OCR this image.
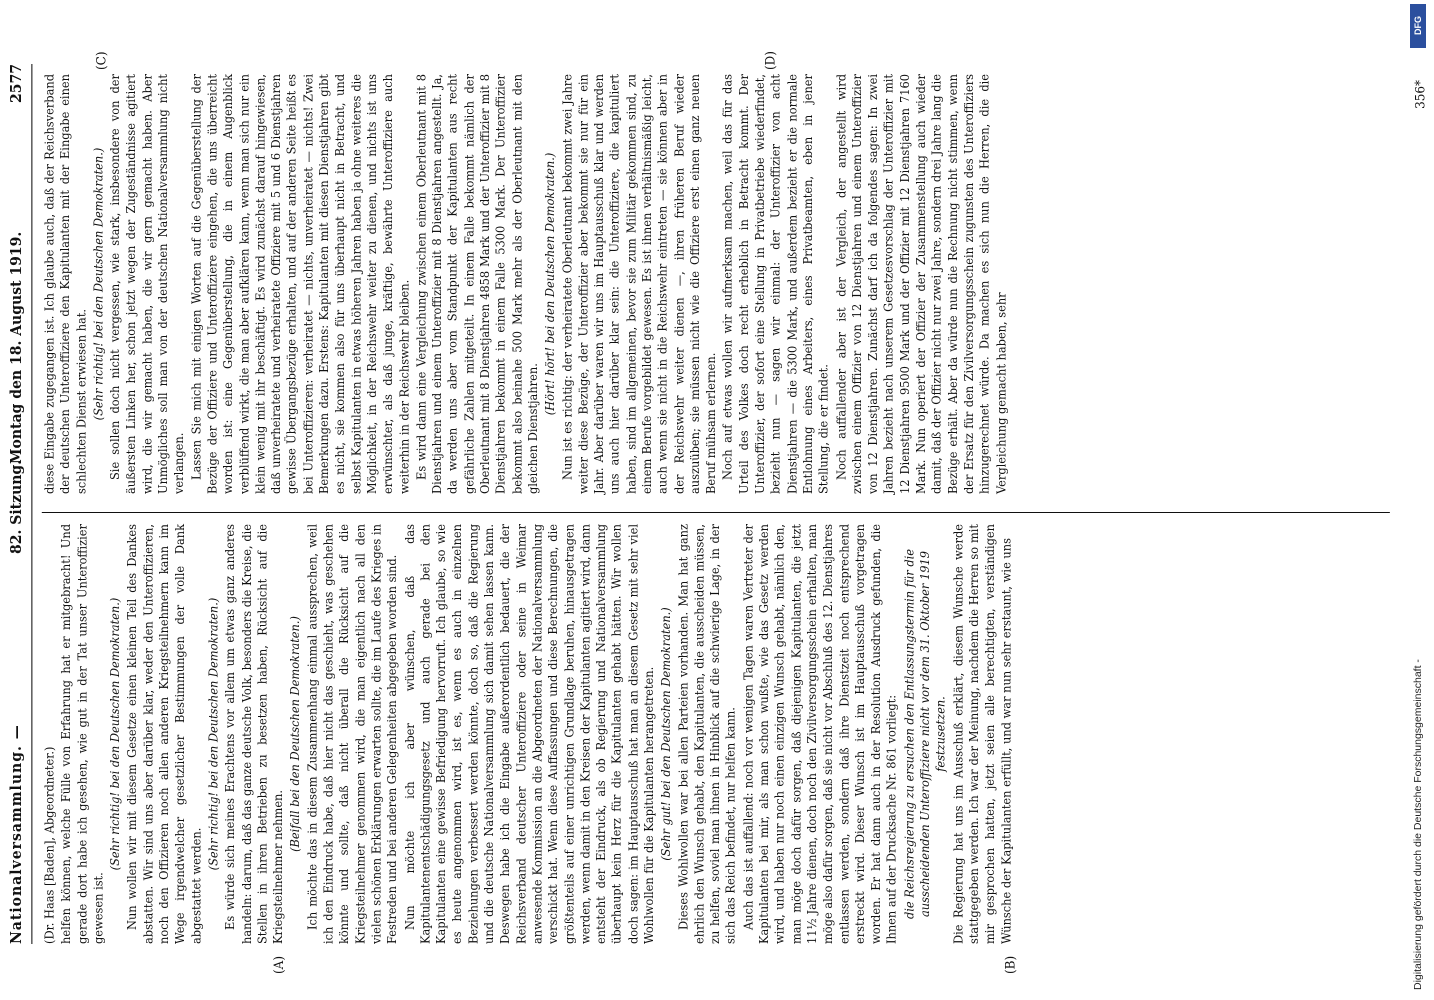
Nationalversammlung. —
82. Sitzung.
Montag den 18. August 1919.
2577
(A)	(B)
(C)	(D)

(Dr. Haas [Baden], Abgeordneter.) helfen können, welche Fülle von Erfahrung hat er mitgebracht! Und gerade dort habe ich gesehen, wie gut in der Tat unser Unteroffizier gewesen ist.

(Sehr richtig! bei den Deutschen Demokraten.) Nun wollen wir mit diesem Gesetze einen kleinen Teil des Dankes abstatten. Wir sind uns aber darüber klar, weder den Unteroffizieren, noch den Offizieren noch allen anderen Kriegsteilnehmern kann im Wege irgendwelcher gesetzlicher Bestimmungen der volle Dank abgestattet werden.

(Sehr richtig! bei den Deutschen Demokraten.) Es würde sich meines Erachtens vor allem um etwas ganz anderes handeln: darum, daß das ganze deutsche Volk, besonders die Kreise, die Stellen in ihren Betrieben zu besetzen haben, Rücksicht auf die Kriegsteilnehmer nehmen.

(Beifall bei den Deutschen Demokraten.) Ich möchte das in diesem Zusammenhang einmal aussprechen, weil ich den Eindruck habe, daß hier nicht das geschieht, was geschehen könnte und sollte, daß nicht überall die Rücksicht auf die Kriegsteilnehmer genommen wird, die man eigentlich nach all den vielen schönen Erklärungen erwarten sollte, die im Laufe des Krieges in Festreden und bei anderen Gelegenheiten abgegeben worden sind. Nun möchte ich aber wünschen, daß das Kapitulantenentschädigungsgesetz und auch gerade bei den Kapitulanten eine gewisse Befriedigung hervorruft. Ich glaube, so wie es heute angenommen wird, ist es, wenn es auch in einzelnen Beziehungen verbessert werden könnte, doch so, daß die Regierung und die deutsche Nationalversammlung sich damit sehen lassen kann. Deswegen habe ich die Eingabe außerordentlich bedauert, die der Reichsverband deutscher Unteroffiziere oder seine in Weimar anwesende Kommission an die Abgeordneten der Nationalversammlung verschickt hat. Wenn diese Auffassungen und diese Berechnungen, die größtenteils auf einer unrichtigen Grundlage beruhen, hinausgetragen werden, wenn damit in den Kreisen der Kapitulanten agitiert wird, dann entsteht der Eindruck, als ob Regierung und Nationalversammlung überhaupt kein Herz für die Kapitulanten gehabt hätten. Wir wollen doch sagen: im Hauptausschuß hat man an diesem Gesetz mit sehr viel Wohlwollen für die Kapitulanten herangetreten. (Sehr gut! bei den Deutschen Demokraten.) Dieses Wohlwollen war bei allen Parteien vorhanden. Man hat ganz ehrlich den Wunsch gehabt, den Kapitulanten, die ausscheiden müssen, zu helfen, soviel man ihnen in Hinblick auf die schwierige Lage, in der sich das Reich befindet, nur helfen kann. Auch das ist auffallend: noch vor wenigen Tagen waren Vertreter der Kapitulanten bei mir, als man schon wußte, wie das Gesetz werden wird, und haben nur noch einen einzigen Wunsch gehabt, nämlich den, man möge doch dafür sorgen, daß diejenigen Kapitulanten, die jetzt 11½ Jahre dienen, doch noch den Zivilversorgungsschein erhalten, man möge also dafür sorgen, daß sie nicht vor Abschluß des 12. Dienstjahres entlassen werden, sondern daß ihre Dienstzeit noch entsprechend erstreckt wird. Dieser Wunsch ist im Hauptausschuß vorgetragen worden. Er hat dann auch in der Resolution Ausdruck gefunden, die Ihnen auf der Drucksache Nr. 861 vorliegt: die Reichsregierung zu ersuchen den Entlassungstermin für die ausscheidenden Unteroffiziere nicht vor dem 31. Oktober 1919 festzusetzen. Die Regierung hat uns im Ausschuß erklärt, diesem Wunsche werde stattgegeben werden. Ich war der Meinung, nachdem die Herren so mit mir gesprochen hatten, jetzt seien alle berechtigten, verständigen Wünsche der Kapitulanten erfüllt, und war nun sehr erstaunt, wie uns

diese Eingabe zugegangen ist. Ich glaube auch, daß der Reichsverband der deutschen Unteroffiziere den Kapitulanten mit der Eingabe einen schlechten Dienst erwiesen hat. (Sehr richtig! bei den Deutschen Demokraten.) Sie sollen doch nicht vergessen, wie stark, insbesondere von der äußersten Linken her, schon jetzt wegen der Zugeständnisse agitiert wird, die wir gemacht haben, die wir gern gemacht haben. Aber Unmögliches soll man von der deutschen Nationalversammlung nicht verlangen. Lassen Sie mich mit einigen Worten auf die Gegenüberstellung der Bezüge der Offiziere und Unteroffiziere eingehen, die uns überreicht worden ist: eine Gegenüberstellung, die in einem Augenblick verblüffend wirkt, die man aber aufklären kann, wenn man sich nur ein klein wenig mit ihr beschäftigt. Es wird zunächst darauf hingewiesen, daß unverheiratete und verheiratete Offiziere mit 5 und 6 Dienstjahren gewisse Übergangsbezüge erhalten, und auf der anderen Seite heißt es bei Unteroffizieren: verheiratet — nichts, unverheiratet — nichts! Zwei Bemerkungen dazu. Erstens: Kapitulanten mit diesen Dienstjahren gibt es nicht, sie kommen also für uns überhaupt nicht in Betracht, und selbst Kapitulanten in etwas höheren Jahren haben ja ohne weiteres die Möglichkeit, in der Reichswehr weiter zu dienen, und nichts ist uns erwünschter, als daß junge, kräftige, bewährte Unteroffiziere auch weiterhin in der Reichswehr bleiben. Es wird dann eine Vergleichung zwischen einem Oberleutnant mit 8 Dienstjahren und einem Unteroffizier mit 8 Dienstjahren angestellt. Ja, da werden uns aber vom Standpunkt der Kapitulanten aus recht gefährliche Zahlen mitgeteilt. In einem Falle bekommt nämlich der Oberleutnant mit 8 Dienstjahren 4858 Mark und der Unteroffizier mit 8 Dienstjahren bekommt in einem Falle 5300 Mark. Der Unteroffizier bekommt also beinahe 500 Mark mehr als der Oberleutnant mit den gleichen Dienstjahren.

(Hört! hört! bei den Deutschen Demokraten.) Nun ist es richtig: der verheiratete Oberleutnant bekommt zwei Jahre weiter diese Bezüge, der Unteroffizier aber bekommt sie nur für ein Jahr. Aber darüber waren wir uns im Hauptausschuß klar und werden uns auch hier darüber klar sein: die Unteroffiziere, die kapituliert haben, sind im allgemeinen, bevor sie zum Militär gekommen sind, zu einem Berufe vorgebildet gewesen. Es ist ihnen verhältnismäßig leicht, auch wenn sie nicht in die Reichswehr eintreten — sie können aber in der Reichswehr weiter dienen —, ihren früheren Beruf wieder auszuüben; sie müssen nicht wie die Offiziere erst einen ganz neuen Beruf mühsam erlernen. Noch auf etwas wollen wir aufmerksam machen, weil das für das Urteil des Volkes doch recht erheblich in Betracht kommt. Der Unteroffizier, der sofort eine Stellung in Privatbetriebe wiederfindet, bezieht nun — sagen wir einmal: der Unteroffizier von acht Dienstjahren — die 5300 Mark, und außerdem bezieht er die normale Entlohnung eines Arbeiters, eines Privatbeamten, eben in jener Stellung, die er findet. Noch auffallender aber ist der Vergleich, der angestellt wird zwischen einem Offizier von 12 Dienstjahren und einem Unteroffizier von 12 Dienstjahren. Zunächst darf ich da folgendes sagen: In zwei Jahren bezieht nach unserem Gesetzesvorschlag der Unteroffizier mit 12 Dienstjahren 9500 Mark und der Offizier mit 12 Dienstjahren 7160 Mark. Nun operiert der Offizier der Zusammenstellung auch wieder damit, daß der Offizier nicht nur zwei Jahre, sondern drei Jahre lang die Bezüge erhält. Aber da würde nun die Rechnung nicht stimmen, wenn der Ersatz für den Zivilversorgungsschein zugunsten des Unteroffiziers hinzugerechnet würde. Da machen es sich nun die Herren, die die Vergleichung gemacht haben, sehr

356*
DFG
Digitalisierung gefördert durch die Deutsche Forschungsgemeinschaft -
